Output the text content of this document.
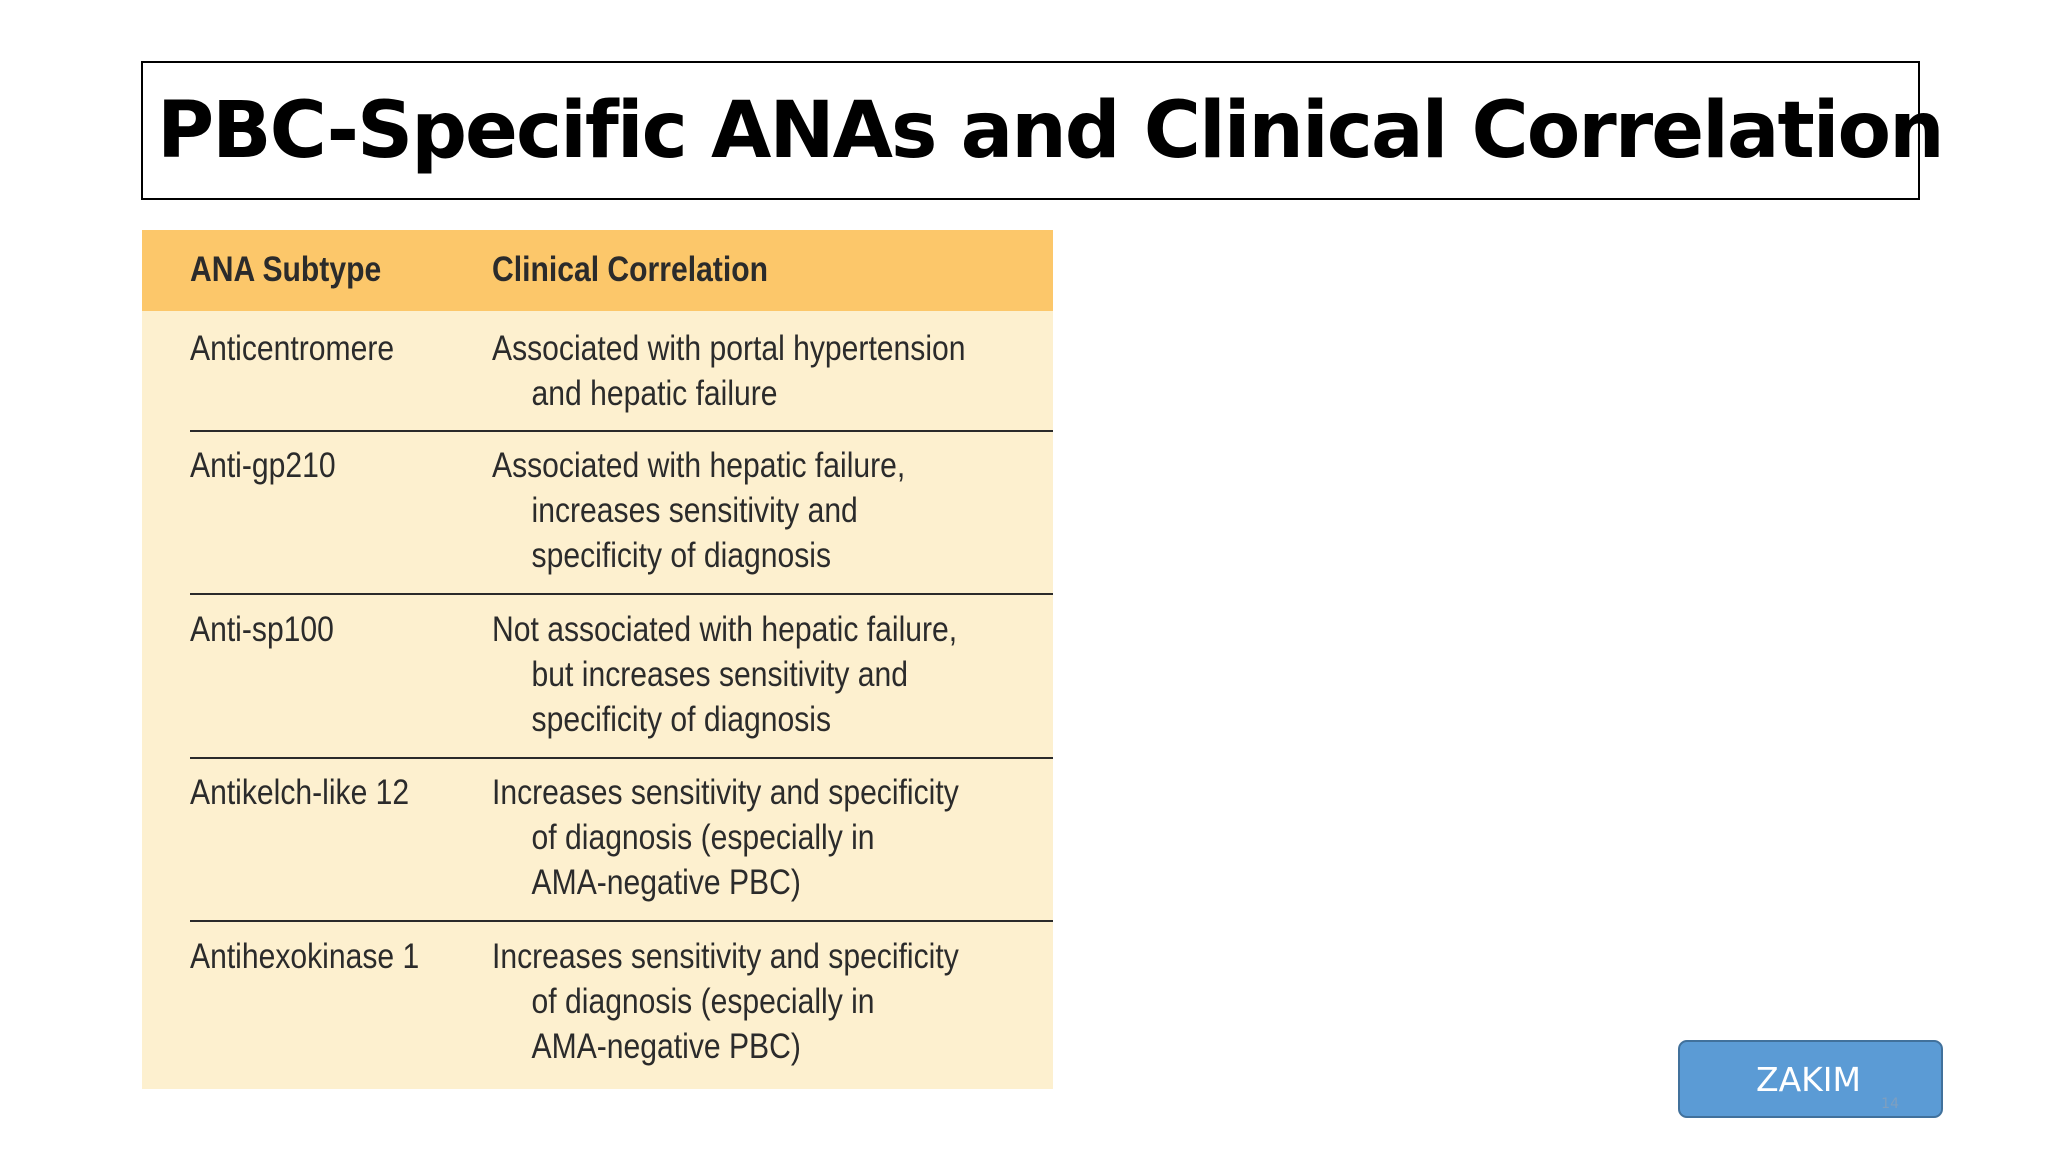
PBC-Specific ANAs and Clinical Correlation
ANA Subtype	Clinical Correlation
Anticentromere	Associated with portal hypertension
and hepatic failure
Anti-gp210	Associated with hepatic failure,
increases sensitivity and
specificity of diagnosis
Anti-sp100	Not associated with hepatic failure,
but increases sensitivity and
specificity of diagnosis
Antikelch-like 12 Increases sensitivity and specificity
of diagnosis (especially in
AMA-negative PBC)
Antihexokinase 1 Increases sensitivity and specificity
of diagnosis (especially in
AMA-negative PBC)
ZAKIM
14
